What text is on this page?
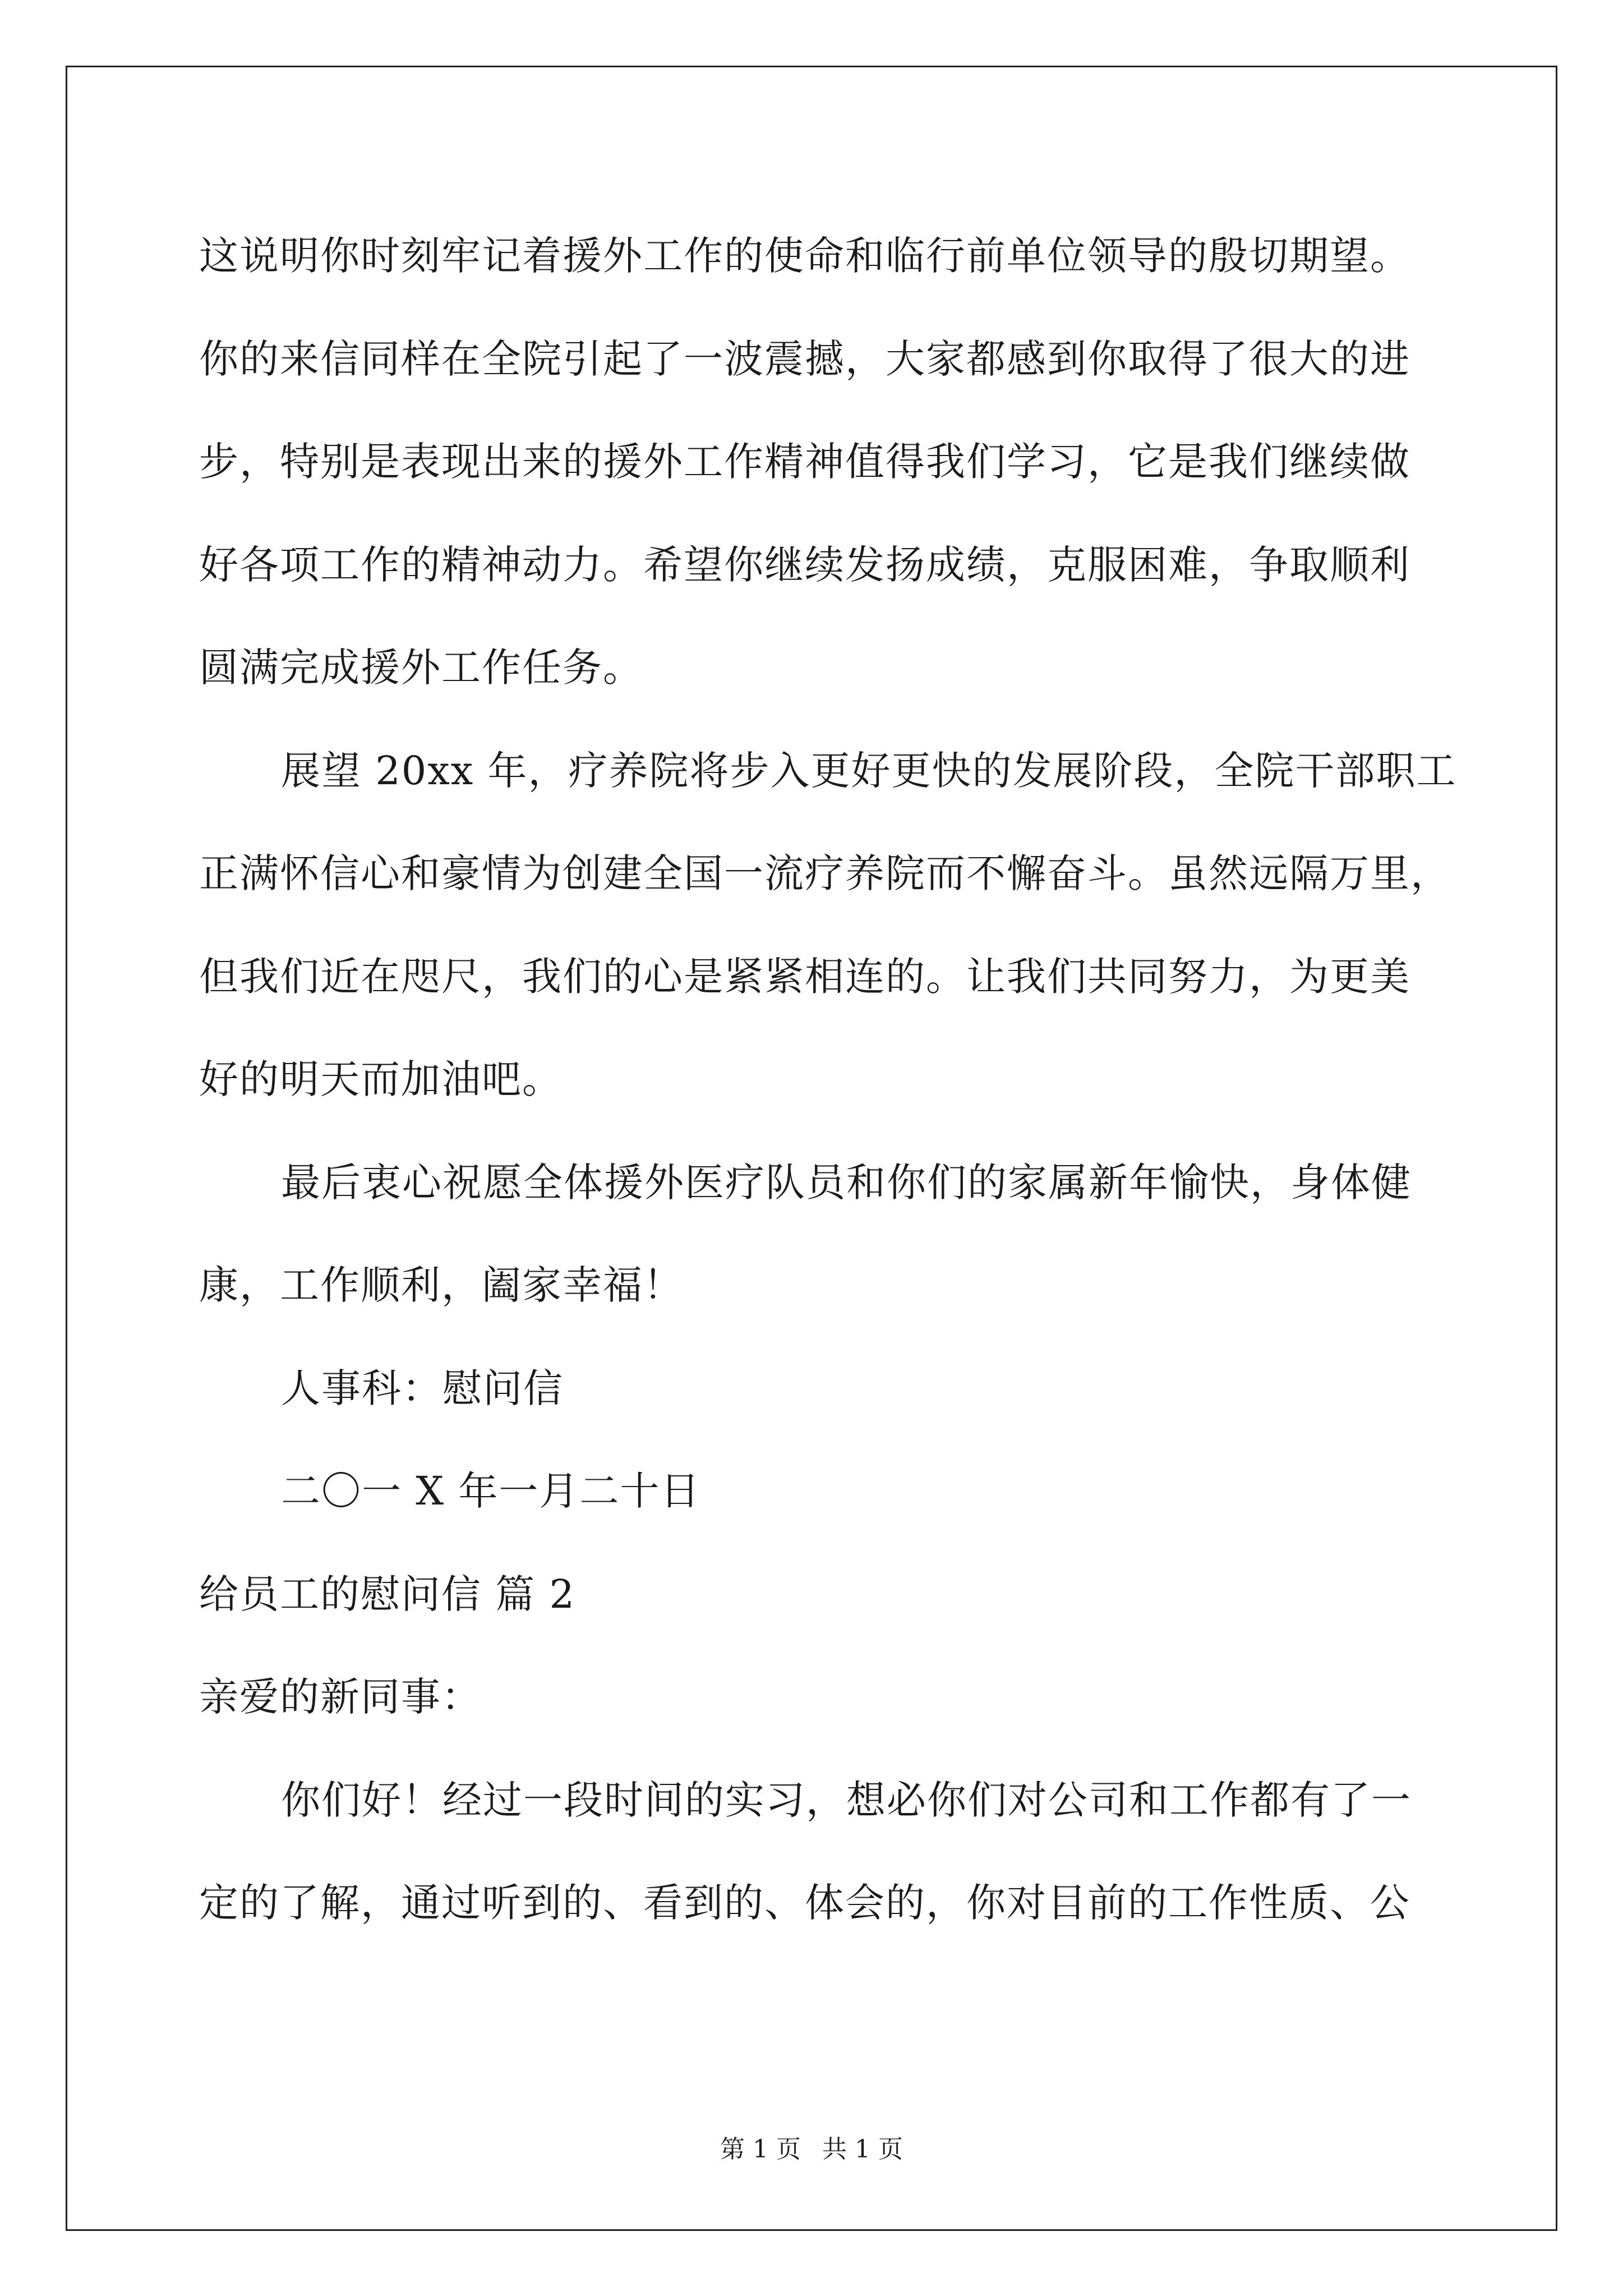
这说明你时刻牢记着援外工作的使命和临行前单位领导的殷切期望。
你的来信同样在全院引起了一波震撼，大家都感到你取得了很大的进
步，特别是表现出来的援外工作精神值得我们学习，它是我们继续做
好各项工作的精神动力。希望你继续发扬成绩，克服困难，争取顺利
圆满完成援外工作任务。
展望 20xx 年，疗养院将步入更好更快的发展阶段，全院干部职工
正满怀信心和豪情为创建全国一流疗养院而不懈奋斗。虽然远隔万里，
但我们近在咫尺，我们的心是紧紧相连的。让我们共同努力，为更美
好的明天而加油吧。
最后衷心祝愿全体援外医疗队员和你们的家属新年愉快，身体健
康，工作顺利，阖家幸福！
人事科：慰问信
二〇一 X 年一月二十日
给员工的慰问信 篇 2
亲爱的新同事：
你们好！经过一段时间的实习，想必你们对公司和工作都有了一
定的了解，通过听到的、看到的、体会的，你对目前的工作性质、公
第 1 页 共 1 页
